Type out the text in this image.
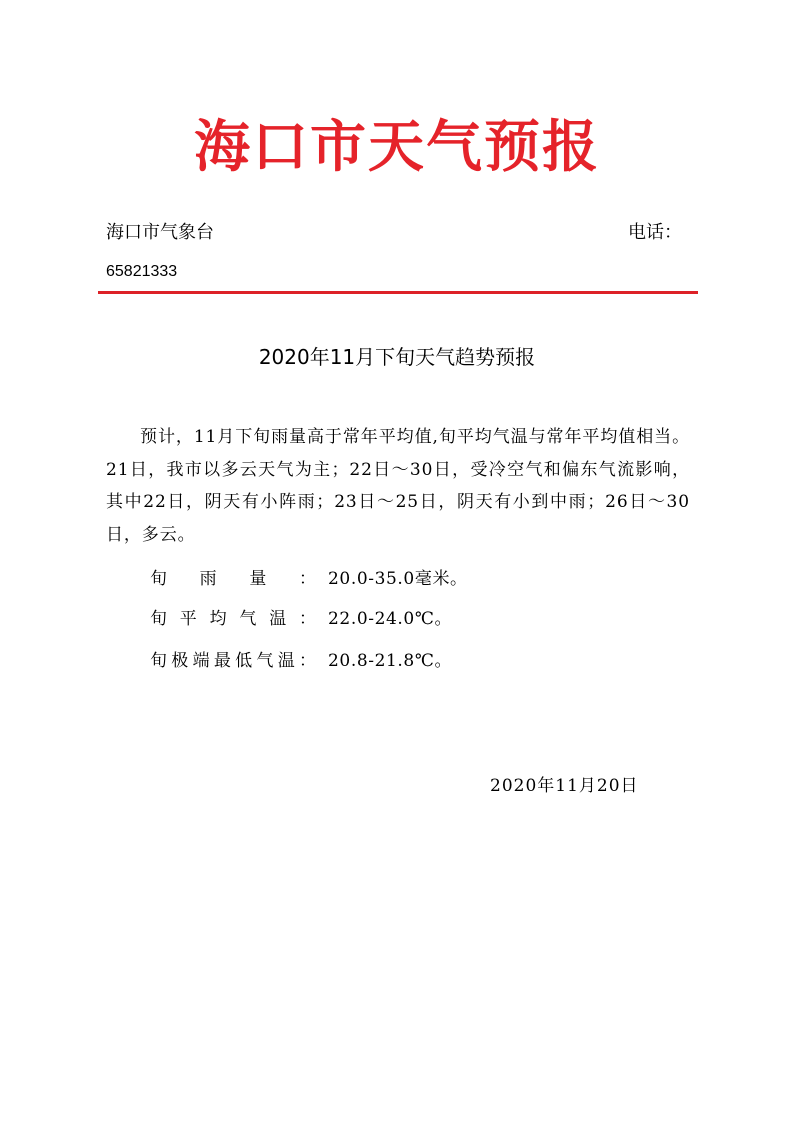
海口市天气预报
海口市气象台	电话：
65821333
2020年11月下旬天气趋势预报

预计，11月下旬雨量高于常年平均值,旬平均气温与常年平均值相当。21日，我市以多云天气为主；22日～30日，受冷空气和偏东气流影响，其中22日，阴天有小阵雨；23日～25日，阴天有小到中雨；26日～30日，多云。

旬雨量： 20.0-35.0毫米。
旬平均气温： 22.0-24.0℃。
旬极端最低气温： 20.8-21.8℃。
2020年11月20日
